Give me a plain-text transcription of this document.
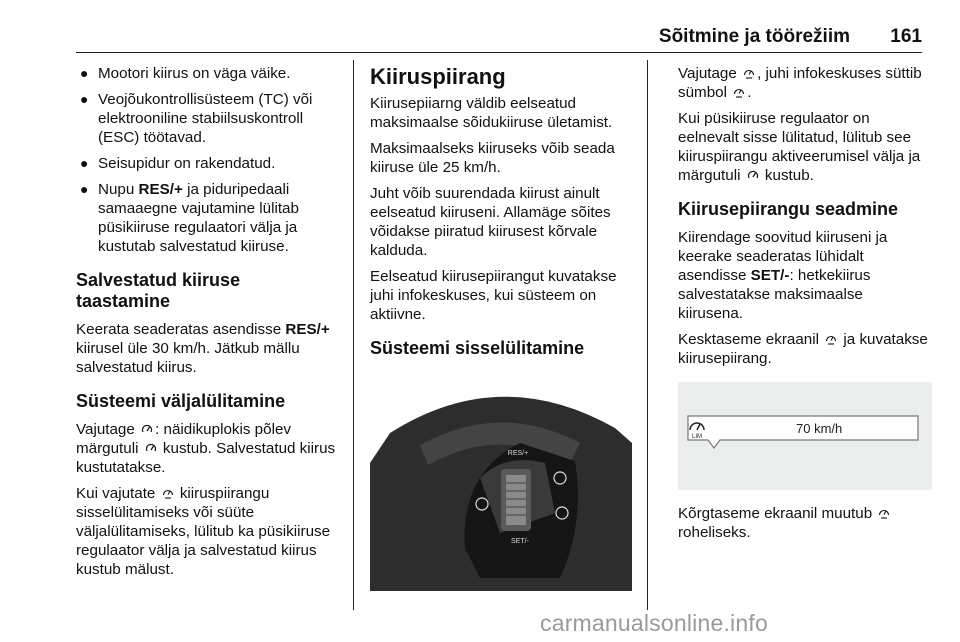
Sõitmine ja töörežiim 161
● Mootori kiirus on väga väike.
● Veojõukontrollisüsteem (TC) või elektrooniline stabiilsuskontroll (ESC) töötavad.
● Seisupidur on rakendatud.
● Nupu RES/+ ja piduripedaali samaaegne vajutamine lülitab püsikiiruse regulaatori välja ja kustutab salvestatud kiiruse.
Salvestatud kiiruse taastamine

Keerata seaderatas asendisse RES/+ kiirusel üle 30 km/h. Jätkub mällu salvestatud kiirus.

Süsteemi väljalülitamine

Vajutage
: näidikuplokis põlev märgutuli
kustub. Salvestatud kiirus kustutatakse.

Kui vajutate
kiiruspiirangu sisselülitamiseks või süüte väljalülitamiseks, lülitub ka püsikiiruse regulaator välja ja salvestatud kiirus kustub mälust.

Kiiruspiirang

Kiirusepiiarng väldib eelseatud maksimaalse sõidukiiruse ületamist.

Maksimaalseks kiiruseks võib seada kiiruse üle 25 km/h.

Juht võib suurendada kiirust ainult eelseatud kiiruseni. Allamäge sõites võidakse piiratud kiirusest kõrvale kalduda.

Eelseatud kiirusepiirangut kuvatakse juhi infokeskuses, kui süsteem on aktiivne.

Süsteemi sisselülitamine
RES/+
SET/-

Vajutage
, juhi infokeskuses süttib sümbol
.

Kui püsikiiruse regulaator on eelnevalt sisse lülitatud, lülitub see kiiruspiirangu aktiveerumisel välja ja

märgutuli
kustub.

Kiirusepiirangu seadmine

Kiirendage soovitud kiiruseni ja keerake seaderatas lühidalt asendisse SET/-: hetkekiirus salvestatakse maksimaalse kiirusena.

Kesktaseme ekraanil
ja kuvatakse kiirusepiirang.

LIM
70 km/h

Kõrgtaseme ekraanil muutub
roheliseks.

carmanualsonline.info
